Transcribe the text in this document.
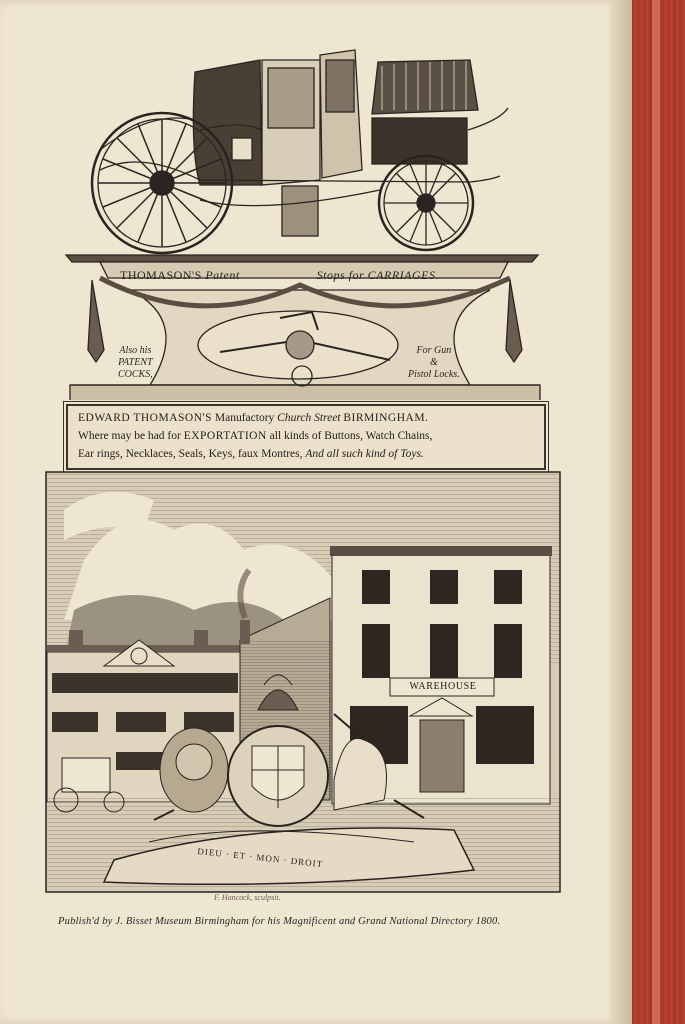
THOMASON'S Patent	Stops for CARRIAGES.
Also his
PATENT
COCKS,
For Gun
&
Pistol Locks.
EDWARD THOMASON'S Manufactory Church Street BIRMINGHAM.
Where may be had for EXPORTATION all kinds of Buttons, Watch Chains,
Ear rings, Necklaces, Seals, Keys, faux Montres, And all such kind of Toys.
WAREHOUSE
DIEU · ET · MON · DROIT
F. Hancock, sculpsit.
Publish'd by J. Bisset Museum Birmingham for his Magnificent and Grand National Directory 1800.
